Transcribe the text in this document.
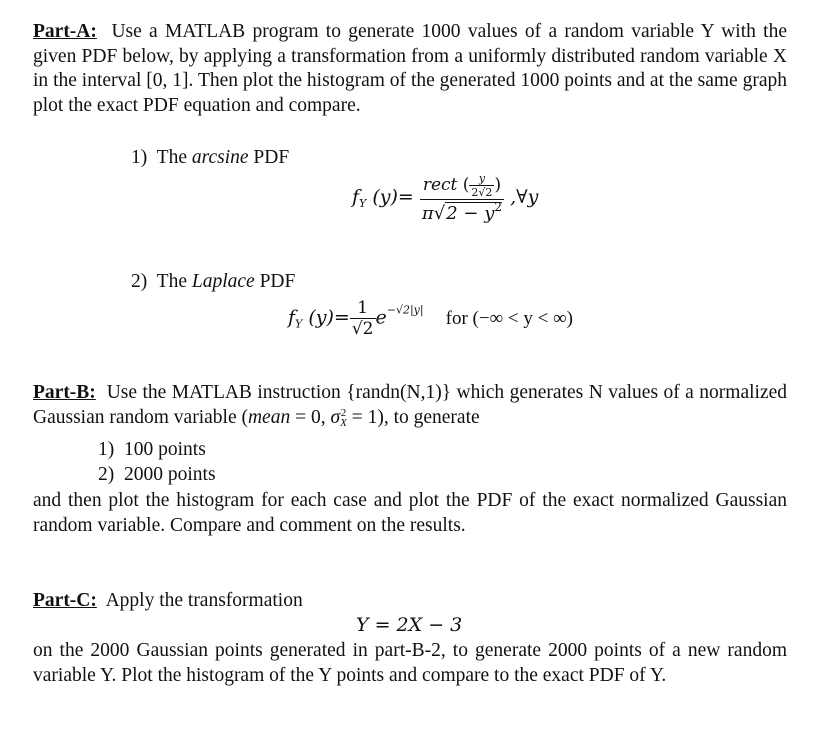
Part-A: Use a MATLAB program to generate 1000 values of a random variable Y with the given PDF below, by applying a transformation from a uniformly distributed random variable X in the interval [0, 1]. Then plot the histogram of the generated 1000 points and at the same graph plot the exact PDF equation and compare.
1) The arcsine PDF
$f_Y$ $(y)= \frac{rect ( \frac{y}{2√2} )}{\pi√2 - y^2}$ ,∀y
2) The Laplace PDF
$f_Y$ $(y)= \frac{1}{√2} e^{-√2|y|}$ for (−∞ < y < ∞)
Part-B: Use the MATLAB instruction {randn(N,1)} which generates N values of a normalized Gaussian random variable (mean = 0, σ 2
X = 1), to generate
1) 100 points
2) 2000 points
and then plot the histogram for each case and plot the PDF of the exact normalized Gaussian random variable. Compare and comment on the results.
Part-C: Apply the transformation
Y = 2X − 3
on the 2000 Gaussian points generated in part-B-2, to generate 2000 points of a new random variable Y. Plot the histogram of the Y points and compare to the exact PDF of Y.
